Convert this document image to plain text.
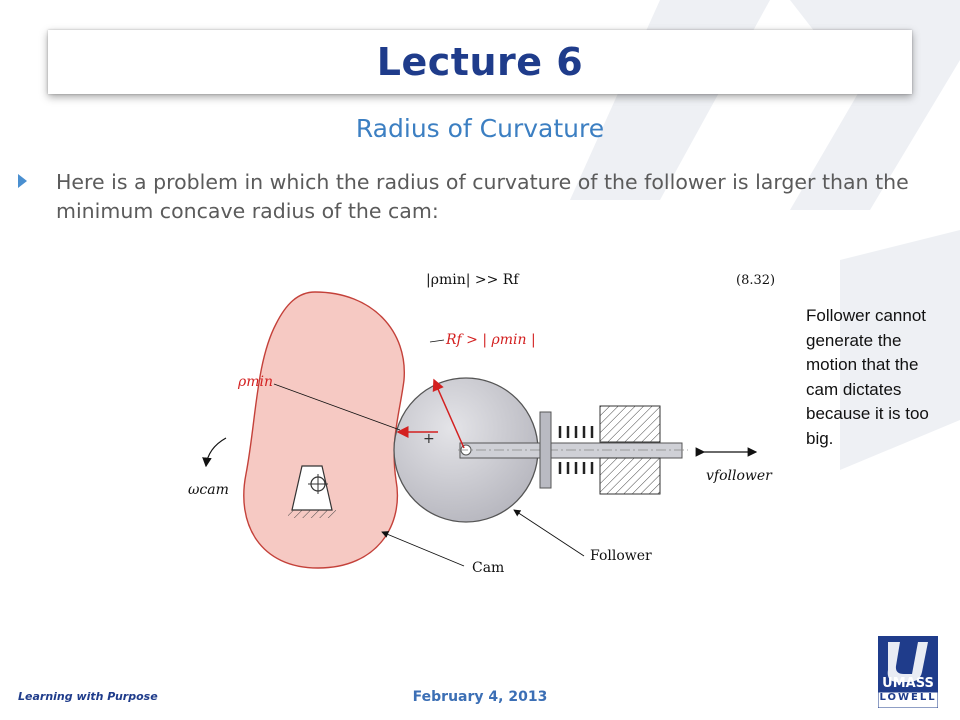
Lecture 6
Radius of Curvature
Here is a problem in which the radius of curvature of the follower is larger than the minimum concave radius of the cam:
|ρmin| >> Rf	(8.32)
+
Rf > | ρmin |
ρmin
ωcam
vfollower
Cam
Follower
Follower cannot generate the motion that the cam dictates because it is too big.
Learning with Purpose	February 4, 2013
UMASS
LOWELL
